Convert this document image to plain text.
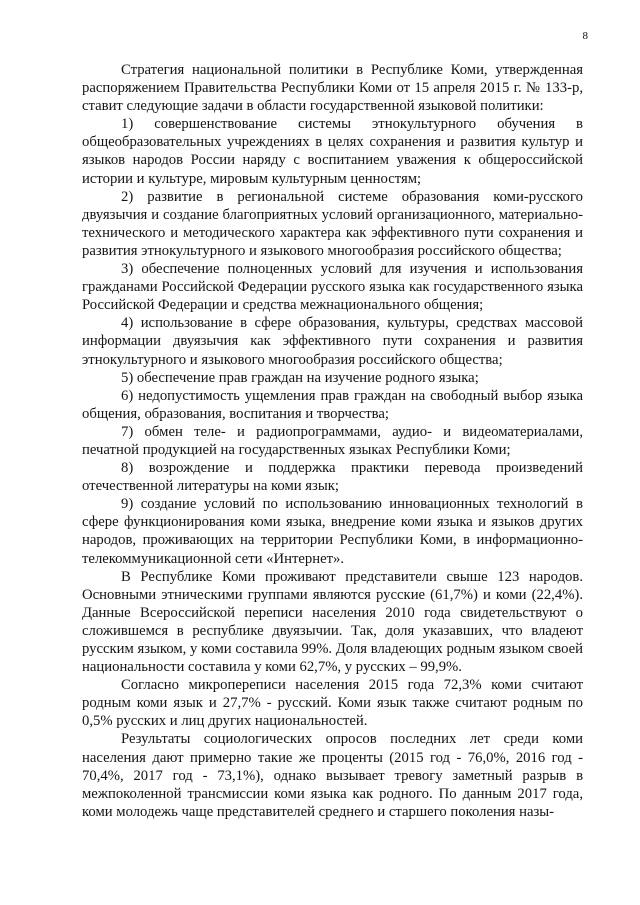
8

Стратегия национальной политики в Республике Коми, утвержденная распоряжением Правительства Республики Коми от 15 апреля 2015 г. № 133-р, ставит следующие задачи в области государственной языковой политики:

1) совершенствование системы этнокультурного обучения в общеобразовательных учреждениях в целях сохранения и развития культур и языков народов России наряду с воспитанием уважения к общероссийской истории и культуре, мировым культурным ценностям;

2) развитие в региональной системе образования коми-русского двуязычия и создание благоприятных условий организационного, материально-технического и методического характера как эффективного пути сохранения и развития этнокультурного и языкового многообразия российского общества;

3) обеспечение полноценных условий для изучения и использования гражданами Российской Федерации русского языка как государственного языка Российской Федерации и средства межнационального общения;

4) использование в сфере образования, культуры, средствах массовой информации двуязычия как эффективного пути сохранения и развития этнокультурного и языкового многообразия российского общества;

5) обеспечение прав граждан на изучение родного языка;

6) недопустимость ущемления прав граждан на свободный выбор языка общения, образования, воспитания и творчества;

7) обмен теле- и радиопрограммами, аудио- и видеоматериалами, печатной продукцией на государственных языках Республики Коми;

8) возрождение и поддержка практики перевода произведений отечественной литературы на коми язык;

9) создание условий по использованию инновационных технологий в сфере функционирования коми языка, внедрение коми языка и языков других народов, проживающих на территории Республики Коми, в информационно-телекоммуникационной сети «Интернет».

В Республике Коми проживают представители свыше 123 народов. Основными этническими группами являются русские (61,7%) и коми (22,4%). Данные Всероссийской переписи населения 2010 года свидетельствуют о сложившемся в республике двуязычии. Так, доля указавших, что владеют русским языком, у коми составила 99%. Доля владеющих родным языком своей национальности составила у коми 62,7%, у русских – 99,9%.

Согласно микропереписи населения 2015 года 72,3% коми считают родным коми язык и 27,7% - русский. Коми язык также считают родным по 0,5% русских и лиц других национальностей.

Результаты социологических опросов последних лет среди коми населения дают примерно такие же проценты (2015 год - 76,0%, 2016 год - 70,4%, 2017 год - 73,1%), однако вызывает тревогу заметный разрыв в межпоколенной трансмиссии коми языка как родного. По данным 2017 года, коми молодежь чаще представителей среднего и старшего поколения назы-
